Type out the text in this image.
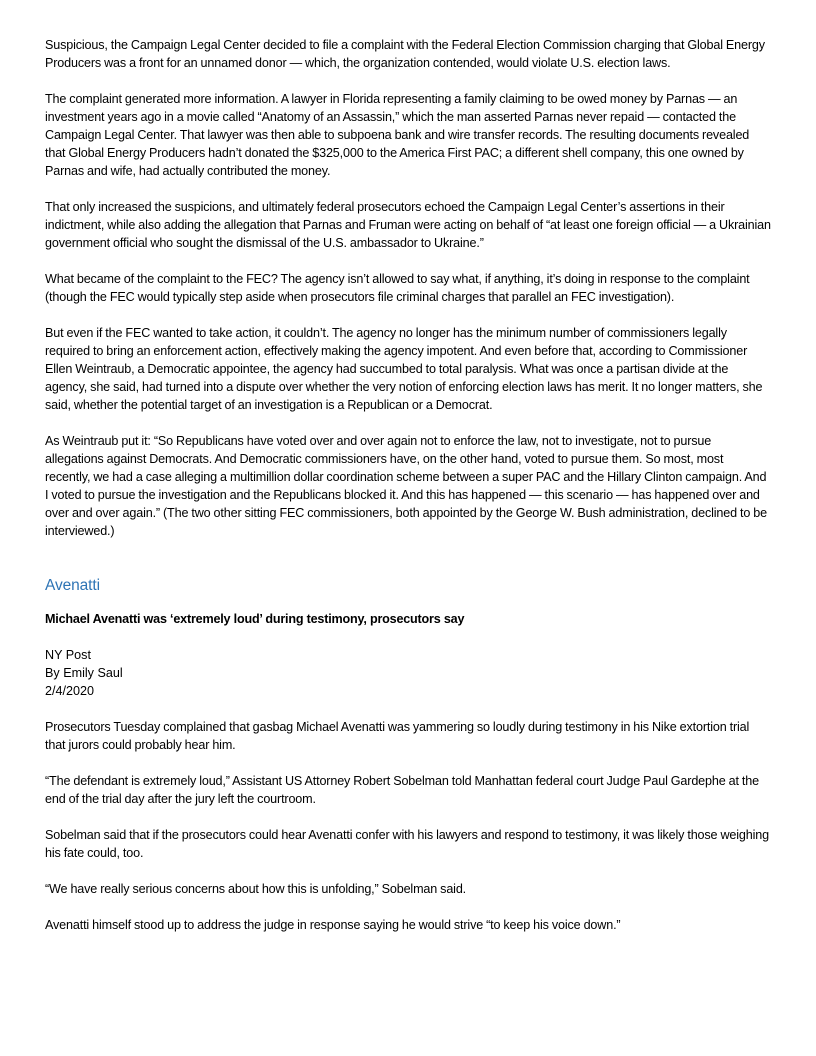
Suspicious, the Campaign Legal Center decided to file a complaint with the Federal Election Commission charging that Global Energy Producers was a front for an unnamed donor — which, the organization contended, would violate U.S. election laws.

The complaint generated more information. A lawyer in Florida representing a family claiming to be owed money by Parnas — an investment years ago in a movie called “Anatomy of an Assassin,” which the man asserted Parnas never repaid — contacted the Campaign Legal Center. That lawyer was then able to subpoena bank and wire transfer records. The resulting documents revealed that Global Energy Producers hadn’t donated the $325,000 to the America First PAC; a different shell company, this one owned by Parnas and wife, had actually contributed the money.

That only increased the suspicions, and ultimately federal prosecutors echoed the Campaign Legal Center’s assertions in their indictment, while also adding the allegation that Parnas and Fruman were acting on behalf of “at least one foreign official — a Ukrainian government official who sought the dismissal of the U.S. ambassador to Ukraine.”

What became of the complaint to the FEC? The agency isn’t allowed to say what, if anything, it’s doing in response to the complaint (though the FEC would typically step aside when prosecutors file criminal charges that parallel an FEC investigation).

But even if the FEC wanted to take action, it couldn’t. The agency no longer has the minimum number of commissioners legally required to bring an enforcement action, effectively making the agency impotent. And even before that, according to Commissioner Ellen Weintraub, a Democratic appointee, the agency had succumbed to total paralysis. What was once a partisan divide at the agency, she said, had turned into a dispute over whether the very notion of enforcing election laws has merit. It no longer matters, she said, whether the potential target of an investigation is a Republican or a Democrat.

As Weintraub put it: “So Republicans have voted over and over again not to enforce the law, not to investigate, not to pursue allegations against Democrats. And Democratic commissioners have, on the other hand, voted to pursue them. So most, most recently, we had a case alleging a multimillion dollar coordination scheme between a super PAC and the Hillary Clinton campaign. And I voted to pursue the investigation and the Republicans blocked it. And this has happened — this scenario — has happened over and over and over again.” (The two other sitting FEC commissioners, both appointed by the George W. Bush administration, declined to be interviewed.)

Avenatti

Michael Avenatti was ‘extremely loud’ during testimony, prosecutors say

NY Post
By Emily Saul
2/4/2020

Prosecutors Tuesday complained that gasbag Michael Avenatti was yammering so loudly during testimony in his Nike extortion trial that jurors could probably hear him.

“The defendant is extremely loud,” Assistant US Attorney Robert Sobelman told Manhattan federal court Judge Paul Gardephe at the end of the trial day after the jury left the courtroom.

Sobelman said that if the prosecutors could hear Avenatti confer with his lawyers and respond to testimony, it was likely those weighing his fate could, too.

“We have really serious concerns about how this is unfolding,” Sobelman said.

Avenatti himself stood up to address the judge in response saying he would strive “to keep his voice down.”
